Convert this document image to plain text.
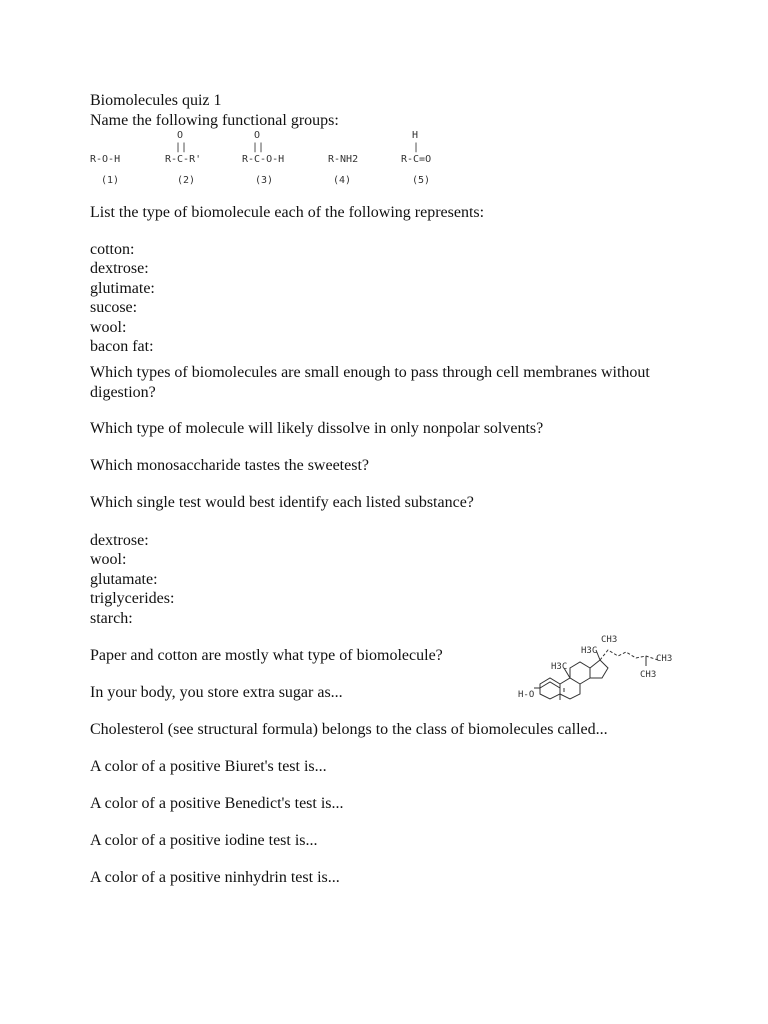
Biomolecules quiz 1
Name the following functional groups:
R-O-H
(1)
O
||
R-C-R'
(2)
O
||
R-C-O-H
(3)
R-NH2
(4)
H
|
R-C=O
(5)
List the type of biomolecule each of the following represents:
cotton:
dextrose:
glutimate:
sucose:
wool:
bacon fat:
Which types of biomolecules are small enough to pass through cell membranes without digestion?
Which type of molecule will likely dissolve in only nonpolar solvents?
Which monosaccharide tastes the sweetest?
Which single test would best identify each listed substance?
dextrose:
wool:
glutamate:
triglycerides:
starch:
Paper and cotton are mostly what type of biomolecule?
In your body, you store extra sugar as...
Cholesterol (see structural formula) belongs to the class of biomolecules called...
A color of a positive Biuret's test is...
A color of a positive Benedict's test is...
A color of a positive iodine test is...
A color of a positive ninhydrin test is...
CH3
H3C
H3C
CH3
CH3
H-O
